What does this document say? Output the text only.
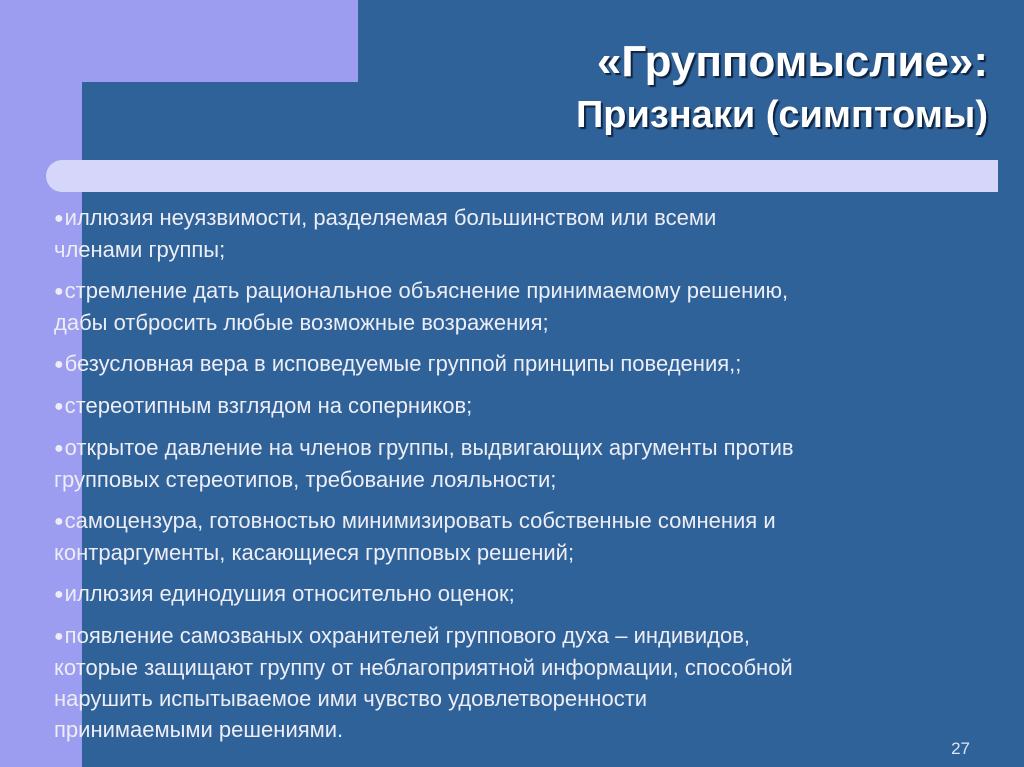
«Группомыслие»:
Признаки (симптомы)
●иллюзия неуязвимости, разделяемая большинством или всеми
членами группы;
●стремление дать рациональное объяснение принимаемому решению,
дабы отбросить любые возможные возражения;
●безусловная вера в исповедуемые группой принципы поведения,;
●стереотипным взглядом на соперников;
●открытое давление на членов группы, выдвигающих аргументы против
групповых стереотипов, требование лояльности;
●самоцензура, готовностью минимизировать собственные сомнения и
контраргументы, касающиеся групповых решений;
●иллюзия единодушия относительно оценок;
●появление самозваных охранителей группового духа – индивидов,
которые защищают группу от неблагоприятной информации, способной
нарушить испытываемое ими чувство удовлетворенности
принимаемыми решениями.
27
